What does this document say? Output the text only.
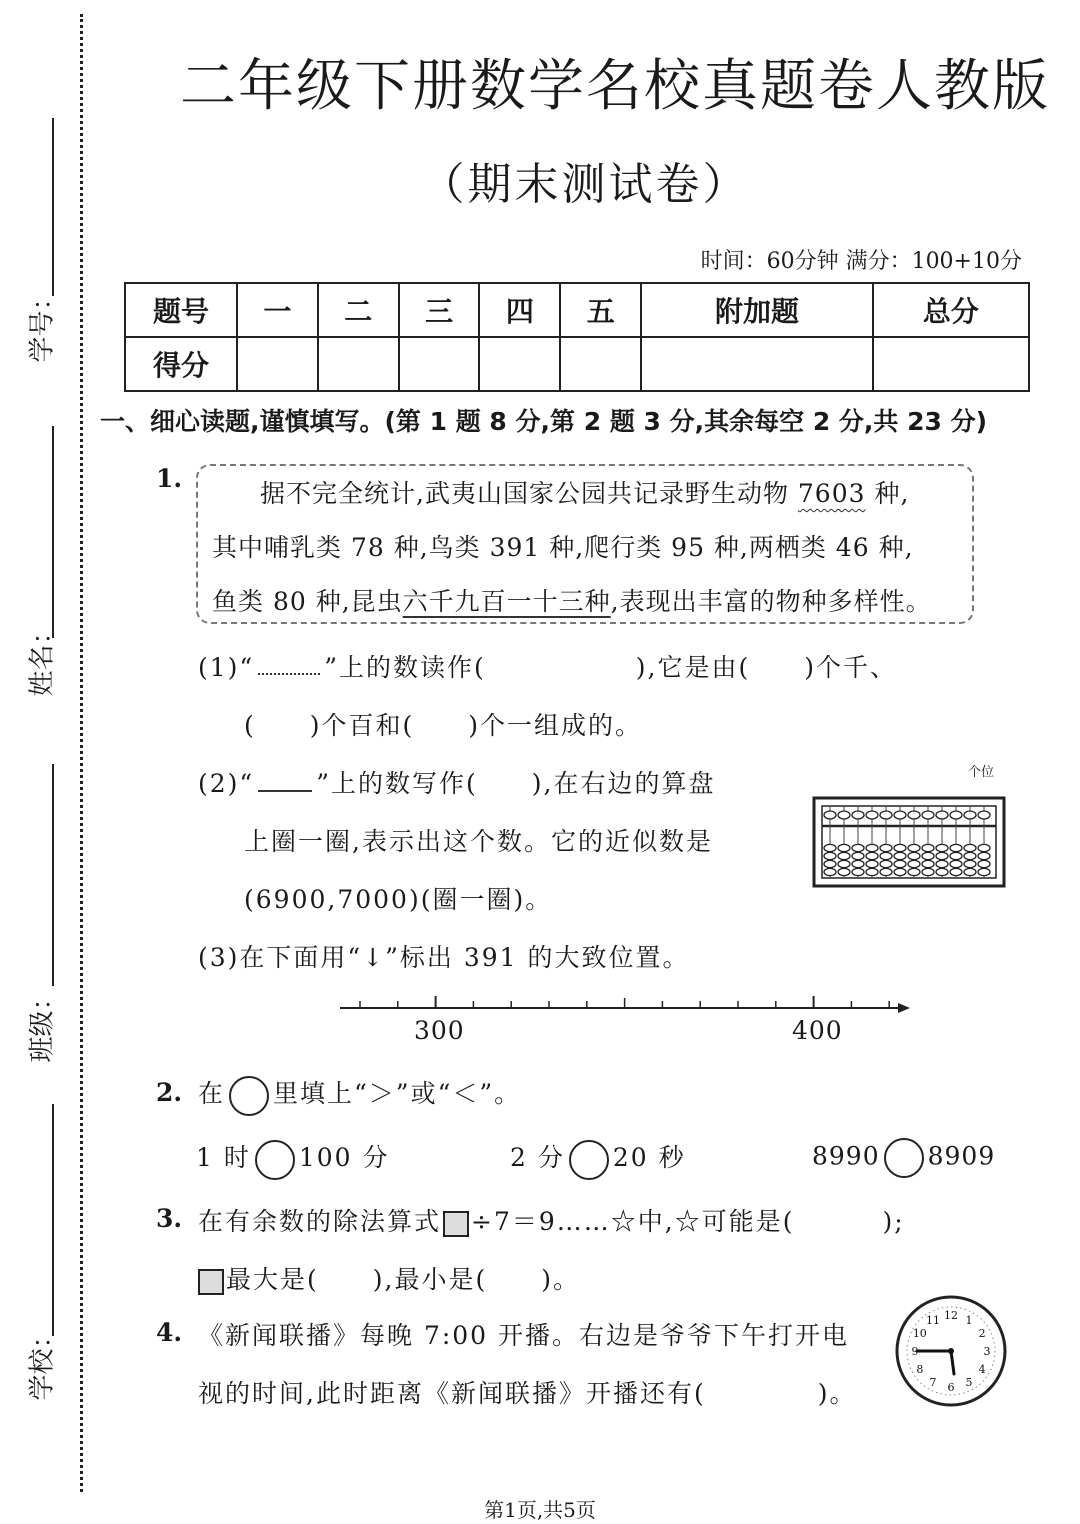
学号：
姓名：
班级：
学校：
二年级下册数学名校真题卷人教版
（期末测试卷）
时间：60分钟 满分：100+10分
题号	一	二	三	四	五	附加题	总分
得分							
一、细心读题,谨慎填写。(第 1 题 8 分,第 2 题 3 分,其余每空 2 分,共 23 分)
1.
据不完全统计,武夷山国家公园共记录野生动物 7603 种,
其中哺乳类 78 种,鸟类 391 种,爬行类 95 种,两栖类 46 种,
鱼类 80 种,昆虫六千九百一十三种,表现出丰富的物种多样性。
(1)“	”上的数读作(	),它是由( )个千、
( )个百和( )个一组成的。
(2)“ ”上的数写作( ),在右边的算盘
上圈一圈,表示出这个数。它的近似数是
(6900,7000)(圈一圈)。
个位
(3)在下面用“↓”标出 391 的大致位置。
300	400
2. 在 里填上“＞”或“＜”。
1 时 100 分	2 分 20 秒	8990 8909
3. 在有余数的除法算式 ÷7＝9……☆中,☆可能是(	);
最大是( ),最小是( )。
4. 《新闻联播》每晚 7:00 开播。右边是爷爷下午打开电
视的时间,此时距离《新闻联播》开播还有(	)。
12 1
2
3
4
5
6
7
8
9
10
11
第1页,共5页
